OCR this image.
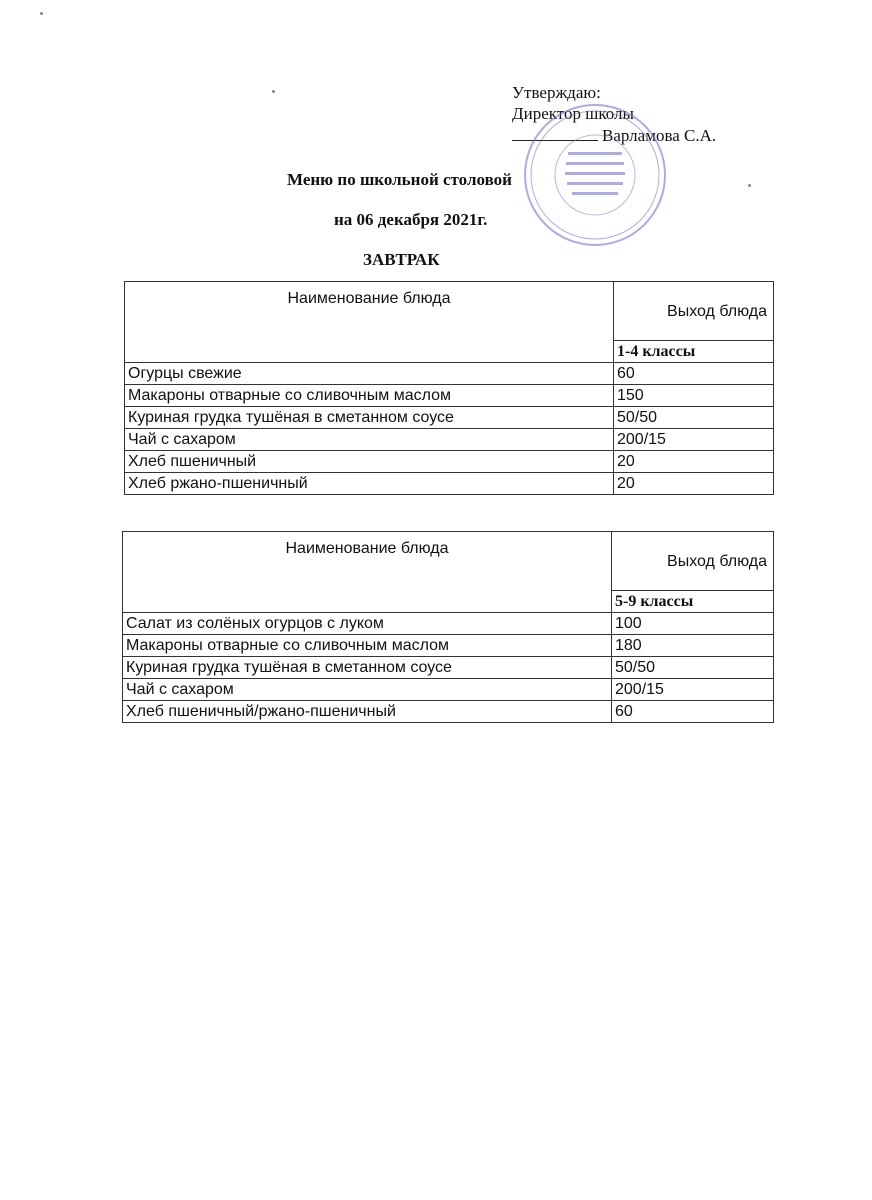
Утверждаю:
Директор школы
Варламова С.А.
Меню по школьной столовой
на 06 декабря 2021г.
ЗАВТРАК
Наименование блюда	Выход блюда
	1-4 классы
Огурцы свежие	60
Макароны отварные со сливочным маслом	150
Куриная грудка тушёная в сметанном соусе	50/50
Чай с сахаром	200/15
Хлеб пшеничный	20
Хлеб ржано-пшеничный	20
Наименование блюда	Выход блюда
	5-9 классы
Салат из солёных огурцов с луком	100
Макароны отварные со сливочным маслом	180
Куриная грудка тушёная в сметанном соусе	50/50
Чай с сахаром	200/15
Хлеб пшеничный/ржано-пшеничный	60
